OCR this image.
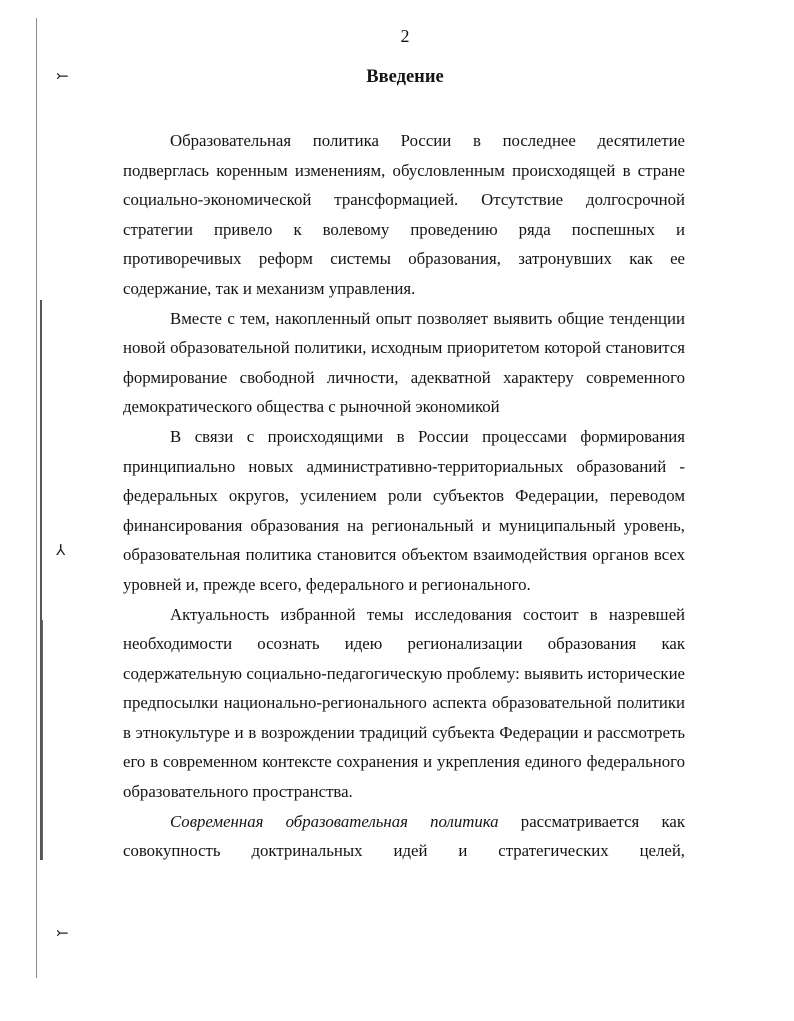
⤚
⅄
⤚
2
Введение

Образовательная политика России в последнее десятилетие подверглась коренным изменениям, обусловленным происходящей в стране социально-экономической трансформацией. Отсутствие долгосрочной стратегии привело к волевому проведению ряда поспешных и противоречивых реформ системы образования, затронувших как ее содержание, так и механизм управления.

Вместе с тем, накопленный опыт позволяет выявить общие тенденции новой образовательной политики, исходным приоритетом которой становится формирование свободной личности, адекватной характеру современного демократического общества с рыночной экономикой

В связи с происходящими в России процессами формирования принципиально новых административно-территориальных образований - федеральных округов, усилением роли субъектов Федерации, переводом финансирования образования на региональный и муниципальный уровень, образовательная политика становится объектом взаимодействия органов всех уровней и, прежде всего, федерального и регионального.

Актуальность избранной темы исследования состоит в назревшей необходимости осознать идею регионализации образования как содержательную социально-педагогическую проблему: выявить исторические предпосылки национально-регионального аспекта образовательной политики в этнокультуре и в возрождении традиций субъекта Федерации и рассмотреть его в современном контексте сохранения и укрепления единого федерального образовательного пространства.

Современная образовательная политика рассматривается как совокупность доктринальных идей и стратегических целей,
